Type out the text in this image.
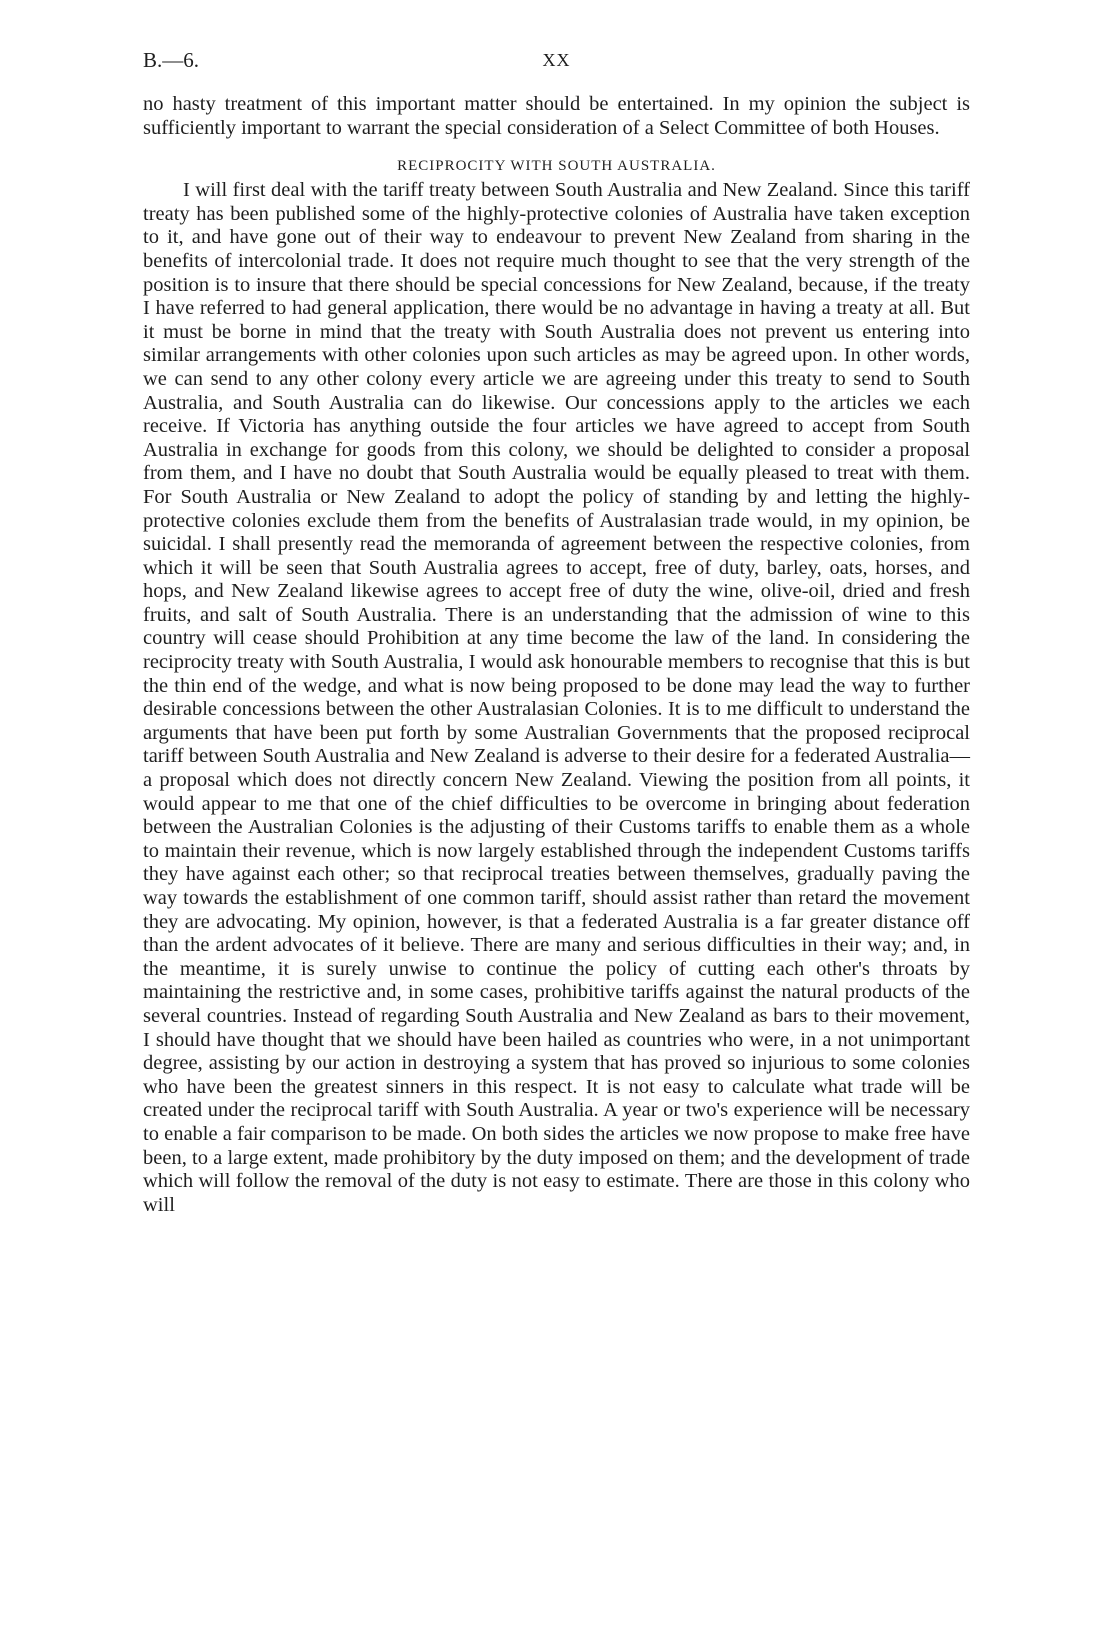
B.—6.	XX

no hasty treatment of this important matter should be entertained. In my opinion the subject is sufficiently important to warrant the special consideration of a Select Committee of both Houses.

RECIPROCITY WITH SOUTH AUSTRALIA.

I will first deal with the tariff treaty between South Australia and New Zealand. Since this tariff treaty has been published some of the highly-protective colonies of Australia have taken exception to it, and have gone out of their way to endeavour to prevent New Zealand from sharing in the benefits of intercolonial trade. It does not require much thought to see that the very strength of the position is to insure that there should be special concessions for New Zealand, because, if the treaty I have referred to had general application, there would be no advantage in having a treaty at all. But it must be borne in mind that the treaty with South Australia does not prevent us entering into similar arrangements with other colonies upon such articles as may be agreed upon. In other words, we can send to any other colony every article we are agreeing under this treaty to send to South Australia, and South Australia can do likewise. Our concessions apply to the articles we each receive. If Victoria has anything outside the four articles we have agreed to accept from South Australia in exchange for goods from this colony, we should be delighted to consider a proposal from them, and I have no doubt that South Australia would be equally pleased to treat with them. For South Australia or New Zealand to adopt the policy of standing by and letting the highly-protective colonies exclude them from the benefits of Australasian trade would, in my opinion, be suicidal. I shall presently read the memoranda of agreement between the respective colonies, from which it will be seen that South Australia agrees to accept, free of duty, barley, oats, horses, and hops, and New Zealand likewise agrees to accept free of duty the wine, olive-oil, dried and fresh fruits, and salt of South Australia. There is an understanding that the admission of wine to this country will cease should Prohibition at any time become the law of the land. In considering the reciprocity treaty with South Australia, I would ask honourable members to recognise that this is but the thin end of the wedge, and what is now being proposed to be done may lead the way to further desirable concessions between the other Australasian Colonies. It is to me difficult to understand the arguments that have been put forth by some Australian Governments that the proposed reciprocal tariff between South Australia and New Zealand is adverse to their desire for a federated Australia—a proposal which does not directly concern New Zealand. Viewing the position from all points, it would appear to me that one of the chief difficulties to be overcome in bringing about federation between the Australian Colonies is the adjusting of their Customs tariffs to enable them as a whole to maintain their revenue, which is now largely established through the independent Customs tariffs they have against each other; so that reciprocal treaties between themselves, gradually paving the way towards the establishment of one common tariff, should assist rather than retard the movement they are advocating. My opinion, however, is that a federated Australia is a far greater distance off than the ardent advocates of it believe. There are many and serious difficulties in their way; and, in the meantime, it is surely unwise to continue the policy of cutting each other's throats by maintaining the restrictive and, in some cases, prohibitive tariffs against the natural products of the several countries. Instead of regarding South Australia and New Zealand as bars to their movement, I should have thought that we should have been hailed as countries who were, in a not unimportant degree, assisting by our action in destroying a system that has proved so injurious to some colonies who have been the greatest sinners in this respect. It is not easy to calculate what trade will be created under the reciprocal tariff with South Australia. A year or two's experience will be necessary to enable a fair comparison to be made. On both sides the articles we now propose to make free have been, to a large extent, made prohibitory by the duty imposed on them; and the development of trade which will follow the removal of the duty is not easy to estimate. There are those in this colony who will
